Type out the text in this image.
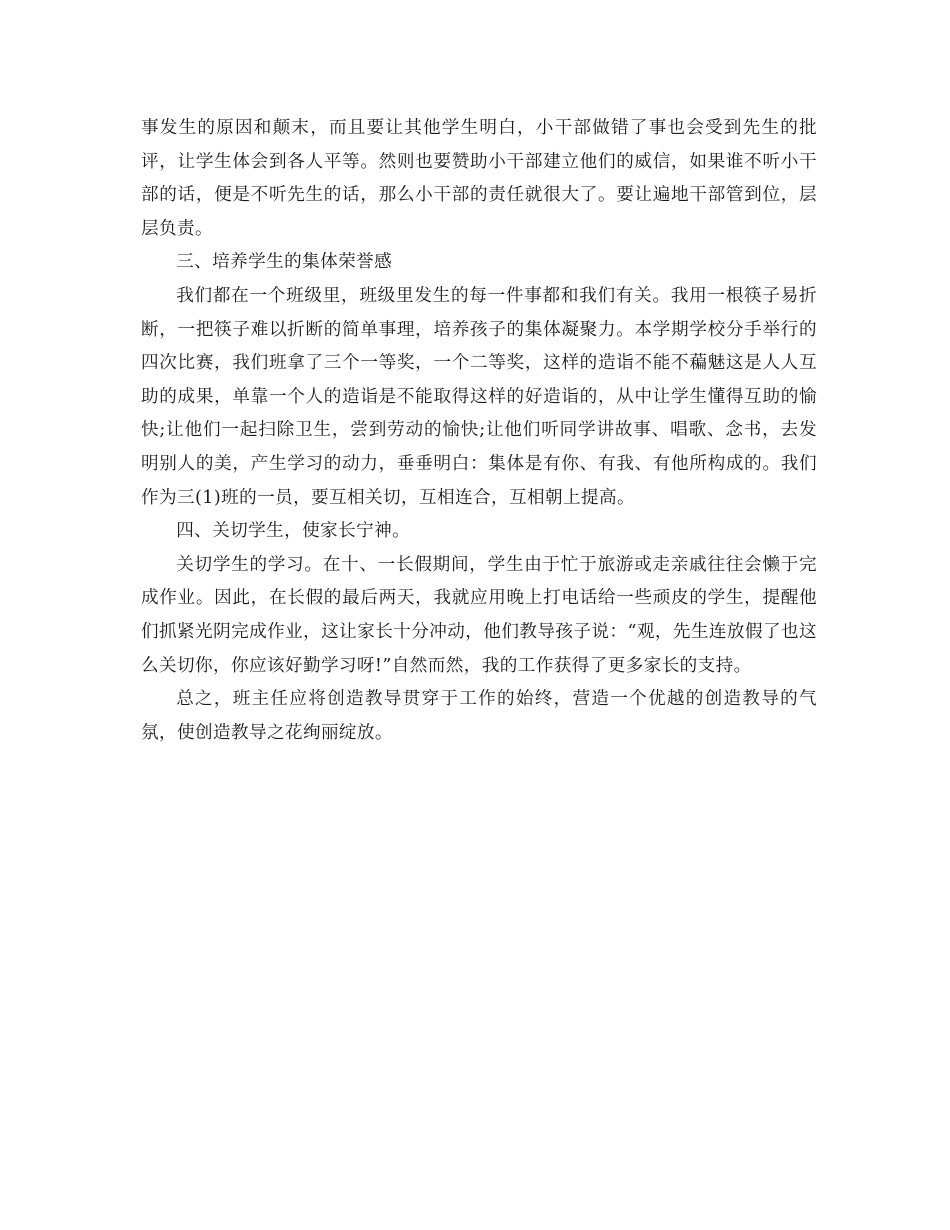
事发生的原因和颠末，而且要让其他学生明白，小干部做错了事也会受到先生的批评，让学生体会到各人平等。然则也要赞助小干部建立他们的威信，如果谁不听小干部的话，便是不听先生的话，那么小干部的责任就很大了。要让遍地干部管到位，层层负责。

三、培养学生的集体荣誉感

我们都在一个班级里，班级里发生的每一件事都和我们有关。我用一根筷子易折断，一把筷子难以折断的简单事理，培养孩子的集体凝聚力。本学期学校分手举行的四次比赛，我们班拿了三个一等奖，一个二等奖，这样的造诣不能不藊魅这是人人互助的成果，单靠一个人的造诣是不能取得这样的好造诣的，从中让学生懂得互助的愉快;让他们一起扫除卫生，尝到劳动的愉快;让他们听同学讲故事、唱歌、念书，去发明别人的美，产生学习的动力，垂垂明白：集体是有你、有我、有他所构成的。我们作为三(1)班的一员，要互相关切，互相连合，互相朝上提高。

四、关切学生，使家长宁神。

关切学生的学习。在十、一长假期间，学生由于忙于旅游或走亲戚往往会懒于完成作业。因此，在长假的最后两天，我就应用晚上打电话给一些顽皮的学生，提醒他们抓紧光阴完成作业，这让家长十分冲动，他们教导孩子说：“观，先生连放假了也这么关切你，你应该好勤学习呀!”自然而然，我的工作获得了更多家长的支持。

总之，班主任应将创造教导贯穿于工作的始终，营造一个优越的创造教导的气氛，使创造教导之花绚丽绽放。
